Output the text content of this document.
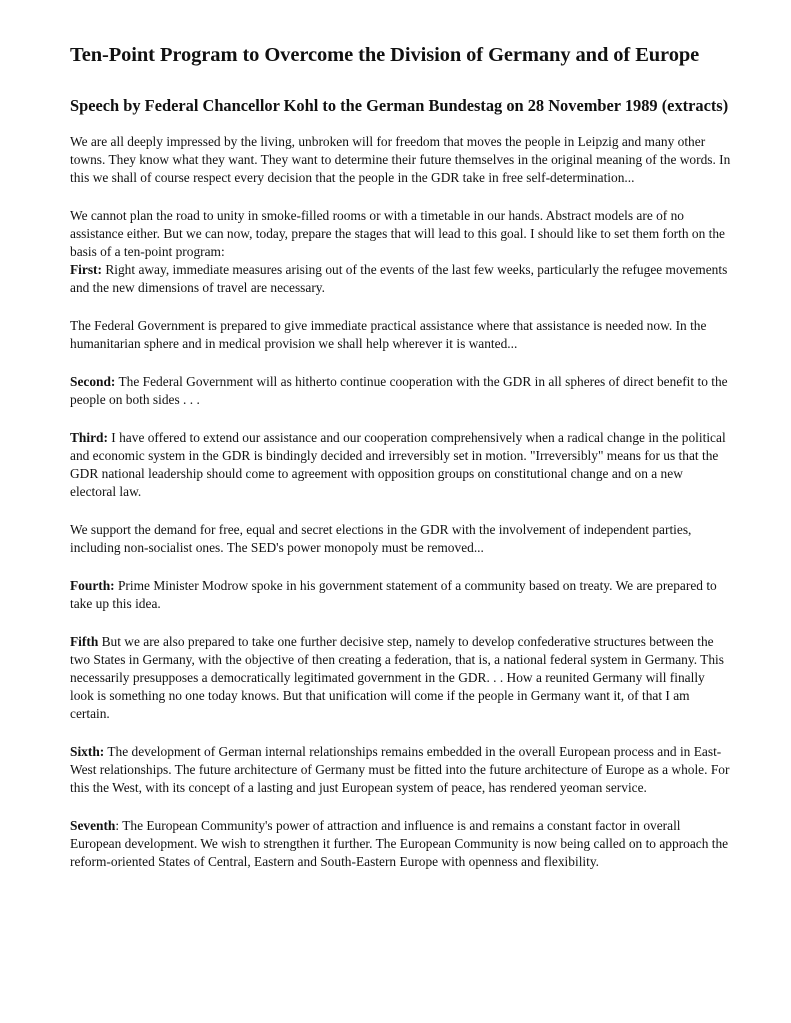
Ten-Point Program to Overcome the Division of Germany and of Europe
Speech by Federal Chancellor Kohl to the German Bundestag on 28 November 1989 (extracts)

We are all deeply impressed by the living, unbroken will for freedom that moves the people in Leipzig and many other towns. They know what they want. They want to determine their future themselves in the original meaning of the words. In this we shall of course respect every decision that the people in the GDR take in free self-determination...

We cannot plan the road to unity in smoke-filled rooms or with a timetable in our hands. Abstract models are of no assistance either. But we can now, today, prepare the stages that will lead to this goal. I should like to set them forth on the basis of a ten-point program:

First: Right away, immediate measures arising out of the events of the last few weeks, particularly the refugee movements and the new dimensions of travel are necessary.

The Federal Government is prepared to give immediate practical assistance where that assistance is needed now. In the humanitarian sphere and in medical provision we shall help wherever it is wanted...

Second: The Federal Government will as hitherto continue cooperation with the GDR in all spheres of direct benefit to the people on both sides . . .

Third: I have offered to extend our assistance and our cooperation comprehensively when a radical change in the political and economic system in the GDR is bindingly decided and irreversibly set in motion. "Irreversibly" means for us that the GDR national leadership should come to agreement with opposition groups on constitutional change and on a new electoral law.

We support the demand for free, equal and secret elections in the GDR with the involvement of independent parties, including non-socialist ones. The SED's power monopoly must be removed...

Fourth: Prime Minister Modrow spoke in his government statement of a community based on treaty. We are prepared to take up this idea.

Fifth But we are also prepared to take one further decisive step, namely to develop confederative structures between the two States in Germany, with the objective of then creating a federation, that is, a national federal system in Germany. This necessarily presupposes a democratically legitimated government in the GDR. . . How a reunited Germany will finally look is something no one today knows. But that unification will come if the people in Germany want it, of that I am certain.

Sixth: The development of German internal relationships remains embedded in the overall European process and in East-West relationships. The future architecture of Germany must be fitted into the future architecture of Europe as a whole. For this the West, with its concept of a lasting and just European system of peace, has rendered yeoman service.

Seventh: The European Community's power of attraction and influence is and remains a constant factor in overall European development. We wish to strengthen it further. The European Community is now being called on to approach the reform-oriented States of Central, Eastern and South-Eastern Europe with openness and flexibility.
